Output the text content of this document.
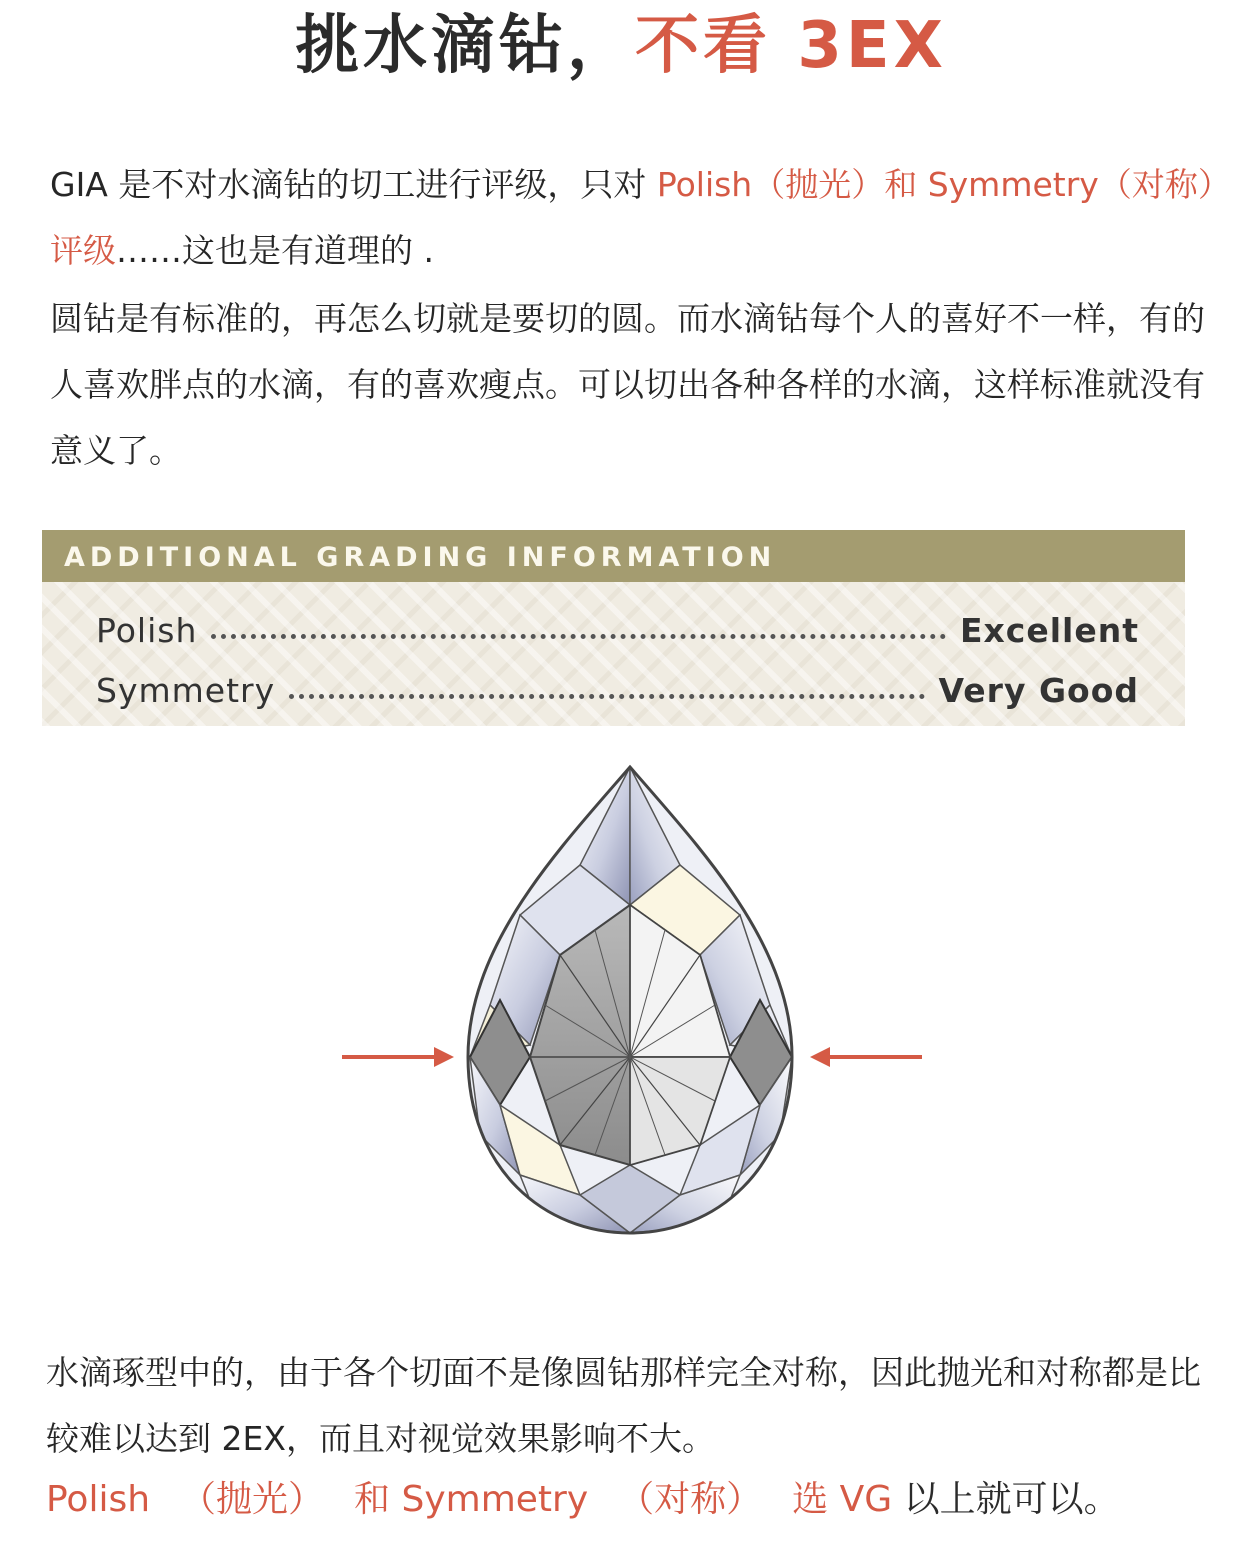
挑水滴钻，不看 3EX
GIA 是不对水滴钻的切工进行评级，只对 Polish（抛光）和 Symmetry（对称）评级……这也是有道理的 .
圆钻是有标准的，再怎么切就是要切的圆。而水滴钻每个人的喜好不一样，有的人喜欢胖点的水滴，有的喜欢瘦点。可以切出各种各样的水滴，这样标准就没有意义了。
ADDITIONAL GRADING INFORMATION
Polish	Excellent
Symmetry	Very Good
水滴琢型中的，由于各个切面不是像圆钻那样完全对称，因此抛光和对称都是比较难以达到 2EX，而且对视觉效果影响不大。
Polish （抛光） 和 Symmetry （对称） 选 VG 以上就可以。
